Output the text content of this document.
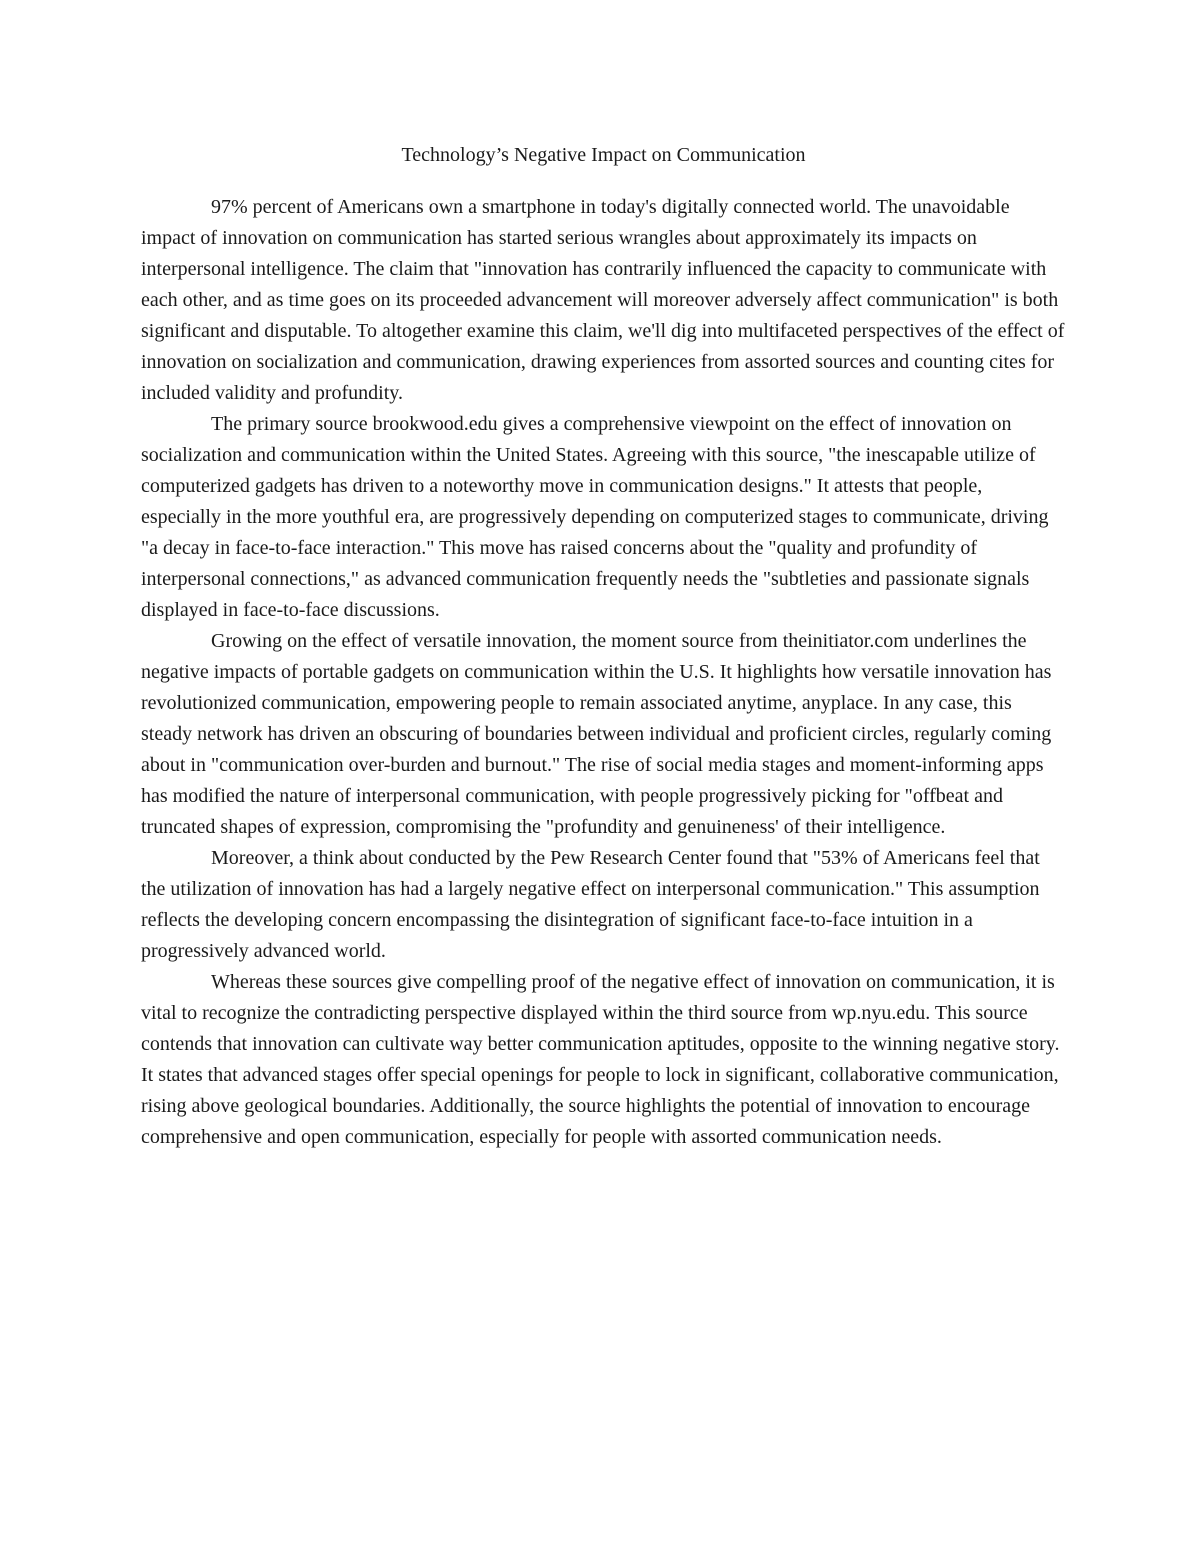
Technology’s Negative Impact on Communication

97% percent of Americans own a smartphone in today's digitally connected world. The unavoidable impact of innovation on communication has started serious wrangles about approximately its impacts on interpersonal intelligence. The claim that "innovation has contrarily influenced the capacity to communicate with each other, and as time goes on its proceeded advancement will moreover adversely affect communication" is both significant and disputable. To altogether examine this claim, we'll dig into multifaceted perspectives of the effect of innovation on socialization and communication, drawing experiences from assorted sources and counting cites for included validity and profundity.

The primary source brookwood.edu gives a comprehensive viewpoint on the effect of innovation on socialization and communication within the United States. Agreeing with this source, "the inescapable utilize of computerized gadgets has driven to a noteworthy move in communication designs." It attests that people, especially in the more youthful era, are progressively depending on computerized stages to communicate, driving "a decay in face-to-face interaction." This move has raised concerns about the "quality and profundity of interpersonal connections," as advanced communication frequently needs the "subtleties and passionate signals displayed in face-to-face discussions.

Growing on the effect of versatile innovation, the moment source from theinitiator.com underlines the negative impacts of portable gadgets on communication within the U.S. It highlights how versatile innovation has revolutionized communication, empowering people to remain associated anytime, anyplace. In any case, this steady network has driven an obscuring of boundaries between individual and proficient circles, regularly coming about in "communication over-burden and burnout." The rise of social media stages and moment-informing apps has modified the nature of interpersonal communication, with people progressively picking for "offbeat and truncated shapes of expression, compromising the "profundity and genuineness' of their intelligence.

Moreover, a think about conducted by the Pew Research Center found that "53% of Americans feel that the utilization of innovation has had a largely negative effect on interpersonal communication." This assumption reflects the developing concern encompassing the disintegration of significant face-to-face intuition in a progressively advanced world.

Whereas these sources give compelling proof of the negative effect of innovation on communication, it is vital to recognize the contradicting perspective displayed within the third source from wp.nyu.edu. This source contends that innovation can cultivate way better communication aptitudes, opposite to the winning negative story. It states that advanced stages offer special openings for people to lock in significant, collaborative communication, rising above geological boundaries. Additionally, the source highlights the potential of innovation to encourage comprehensive and open communication, especially for people with assorted communication needs.
